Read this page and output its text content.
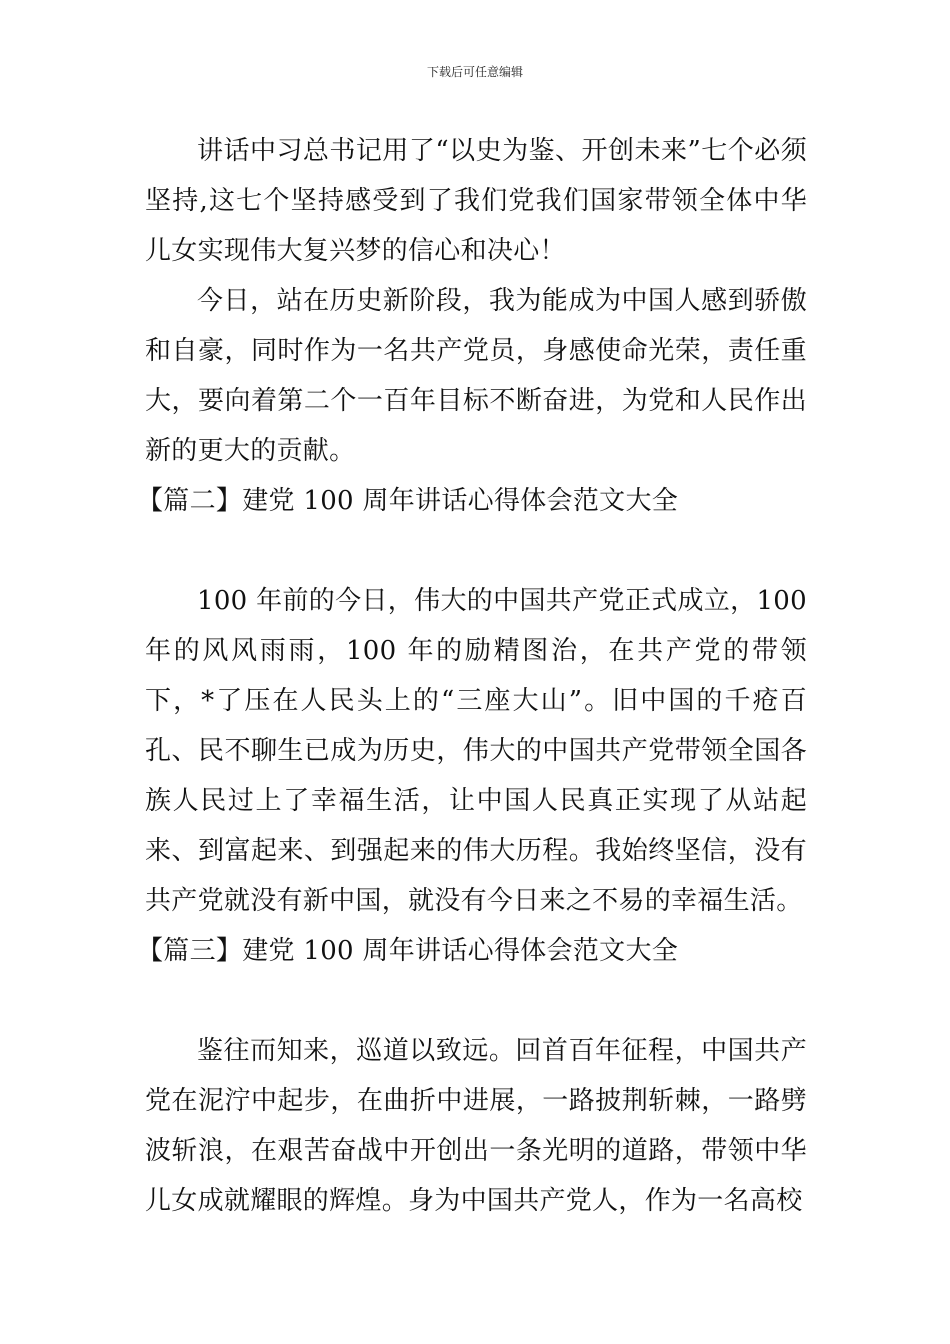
下载后可任意编辑

讲话中习总书记用了“以史为鉴、开创未来”七个必须坚持,这七个坚持感受到了我们党我们国家带领全体中华儿女实现伟大复兴梦的信心和决心！

今日，站在历史新阶段，我为能成为中国人感到骄傲和自豪，同时作为一名共产党员，身感使命光荣，责任重大，要向着第二个一百年目标不断奋进，为党和人民作出新的更大的贡献。

【篇二】建党 100 周年讲话心得体会范文大全

100 年前的今日，伟大的中国共产党正式成立，100 年的风风雨雨，100 年的励精图治，在共产党的带领下，*了压在人民头上的“三座大山”。旧中国的千疮百孔、民不聊生已成为历史，伟大的中国共产党带领全国各族人民过上了幸福生活，让中国人民真正实现了从站起来、到富起来、到强起来的伟大历程。我始终坚信，没有共产党就没有新中国，就没有今日来之不易的幸福生活。

【篇三】建党 100 周年讲话心得体会范文大全

鉴往而知来，巡道以致远。回首百年征程，中国共产党在泥泞中起步，在曲折中进展，一路披荆斩棘，一路劈波斩浪，在艰苦奋战中开创出一条光明的道路，带领中华儿女成就耀眼的辉煌。身为中国共产党人，作为一名高校
